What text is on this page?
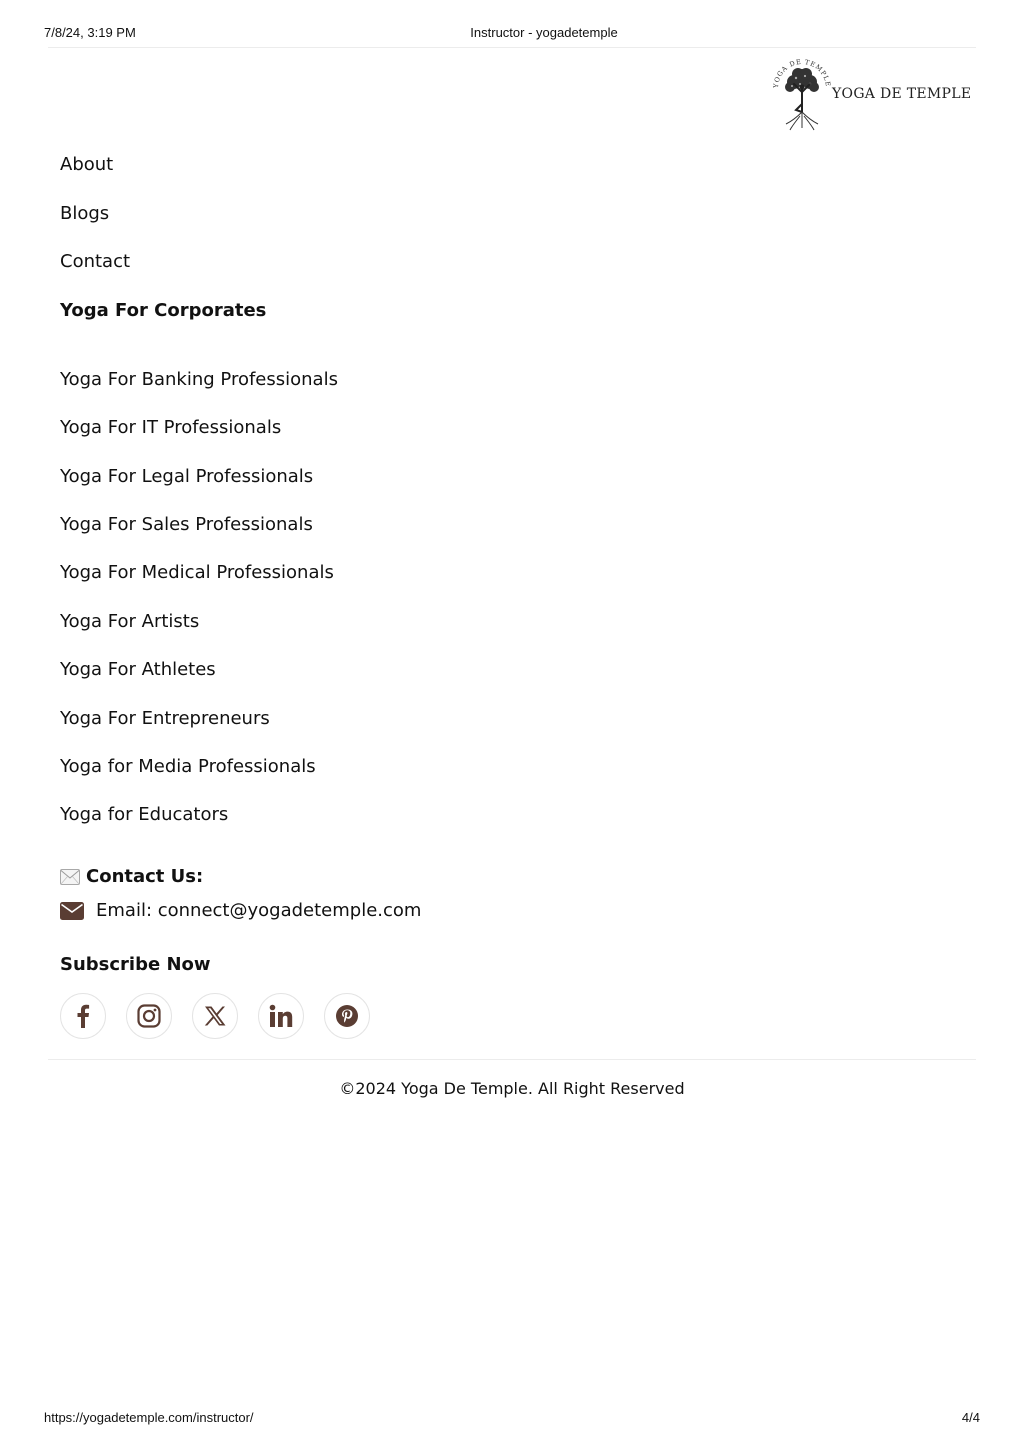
7/8/24, 3:19 PM	Instructor - yogadetemple
YOGA DE TEMPLE
YOGA DE TEMPLE
About
Blogs
Contact
Yoga For Corporates
Yoga For Banking Professionals
Yoga For IT Professionals
Yoga For Legal Professionals
Yoga For Sales Professionals
Yoga For Medical Professionals
Yoga For Artists
Yoga For Athletes
Yoga For Entrepreneurs
Yoga for Media Professionals
Yoga for Educators
Contact Us:
Email: connect@yogadetemple.com
Subscribe Now
©2024 Yoga De Temple. All Right Reserved
https://yogadetemple.com/instructor/	4/4
